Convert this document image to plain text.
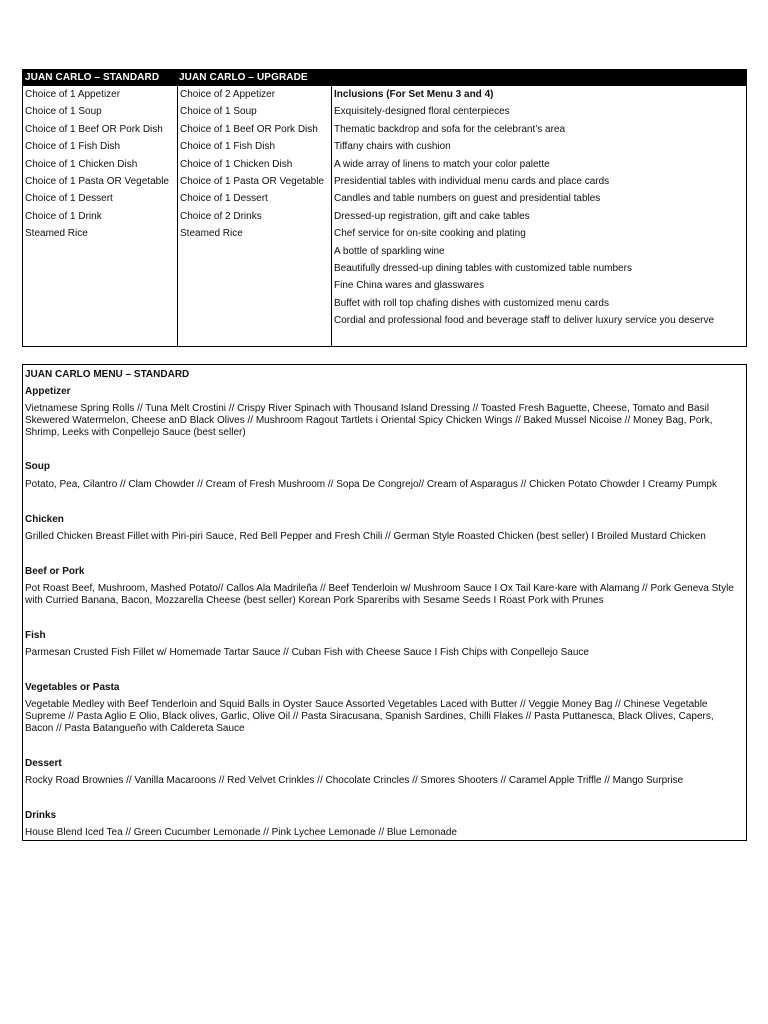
JUAN CARLO – STANDARD JUAN CARLO – UPGRADE
Choice of 1 Appetizer
Choice of 1 Soup
Choice of 1 Beef OR Pork Dish
Choice of 1 Fish Dish
Choice of 1 Chicken Dish
Choice of 1 Pasta OR Vegetable
Choice of 1 Dessert
Choice of 1 Drink
Steamed Rice
Choice of 2 Appetizer
Choice of 1 Soup
Choice of 1 Beef OR Pork Dish
Choice of 1 Fish Dish
Choice of 1 Chicken Dish
Choice of 1 Pasta OR Vegetable
Choice of 1 Dessert
Choice of 2 Drinks
Steamed Rice
Inclusions (For Set Menu 3 and 4)
Exquisitely-designed floral centerpieces
Thematic backdrop and sofa for the celebrant’s area
Tiffany chairs with cushion
A wide array of linens to match your color palette
Presidential tables with individual menu cards and place cards
Candles and table numbers on guest and presidential tables
Dressed-up registration, gift and cake tables
Chef service for on-site cooking and plating
A bottle of sparkling wine
Beautifully dressed-up dining tables with customized table numbers
Fine China wares and glasswares
Buffet with roll top chafing dishes with customized menu cards
Cordial and professional food and beverage staff to deliver luxury service you deserve
JUAN CARLO MENU – STANDARD
Appetizer
Vietnamese Spring Rolls // Tuna Melt Crostini // Crispy River Spinach with Thousand Island Dressing // Toasted Fresh Baguette, Cheese, Tomato and Basil Skewered Watermelon, Cheese anD Black Olives // Mushroom Ragout Tartlets i Oriental Spicy Chicken Wings // Baked Mussel Nicoise // Money Bag, Pork, Shrimp, Leeks with Conpellejo Sauce (best seller)
Soup
Potato, Pea, Cilantro // Clam Chowder // Cream of Fresh Mushroom // Sopa De Congrejo// Cream of Asparagus // Chicken Potato Chowder I Creamy Pumpk
Chicken
Grilled Chicken Breast Fillet with Piri-piri Sauce, Red Bell Pepper and Fresh Chili // German Style Roasted Chicken (best seller) I Broiled Mustard Chicken
Beef or Pork
Pot Roast Beef, Mushroom, Mashed Potato// Callos Ala Madrileña // Beef Tenderloin w/ Mushroom Sauce I Ox Tail Kare-kare with Alamang // Pork Geneva Style with Curried Banana, Bacon, Mozzarella Cheese (best seller) Korean Pork Spareribs with Sesame Seeds I Roast Pork with Prunes
Fish
Parmesan Crusted Fish Fillet w/ Homemade Tartar Sauce // Cuban Fish with Cheese Sauce I Fish Chips with Conpellejo Sauce
Vegetables or Pasta
Vegetable Medley with Beef Tenderloin and Squid Balls in Oyster Sauce Assorted Vegetables Laced with Butter // Veggie Money Bag // Chinese Vegetable Supreme // Pasta Aglio E Olio, Black olives, Garlic, Olive Oil // Pasta Siracusana, Spanish Sardines, Chilli Flakes // Pasta Puttanesca, Black Olives, Capers, Bacon // Pasta Batangueño with Caldereta Sauce
Dessert
Rocky Road Brownies // Vanilla Macaroons // Red Velvet Crinkles // Chocolate Crincles // Smores Shooters // Caramel Apple Triffle // Mango Surprise
Drinks
House Blend Iced Tea // Green Cucumber Lemonade // Pink Lychee Lemonade // Blue Lemonade
